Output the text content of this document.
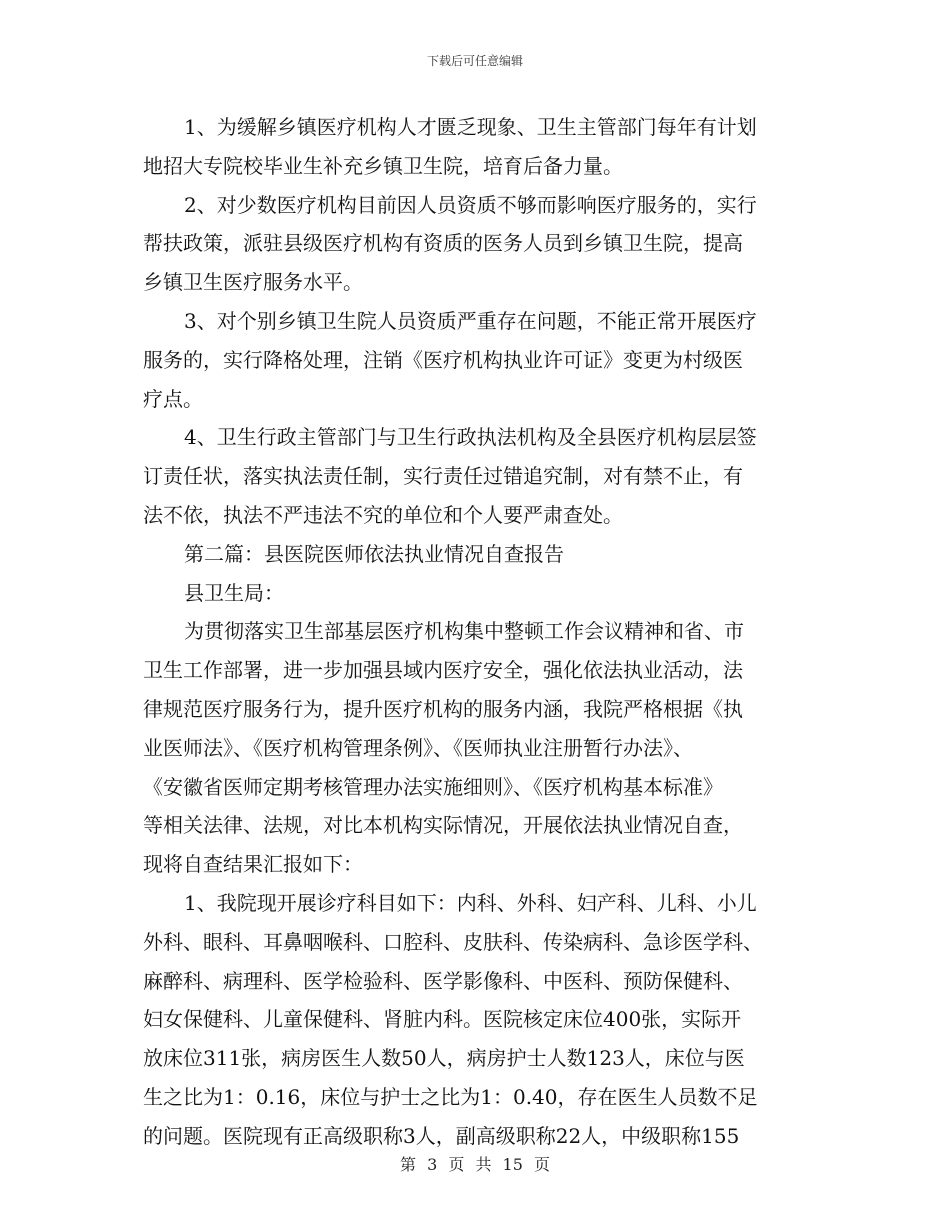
下载后可任意编辑
1、为缓解乡镇医疗机构人才匮乏现象、卫生主管部门每年有计划
地招大专院校毕业生补充乡镇卫生院，培育后备力量。
2、对少数医疗机构目前因人员资质不够而影响医疗服务的，实行
帮扶政策，派驻县级医疗机构有资质的医务人员到乡镇卫生院，提高
乡镇卫生医疗服务水平。
3、对个别乡镇卫生院人员资质严重存在问题，不能正常开展医疗
服务的，实行降格处理，注销《医疗机构执业许可证》变更为村级医
疗点。
4、卫生行政主管部门与卫生行政执法机构及全县医疗机构层层签
订责任状，落实执法责任制，实行责任过错追究制，对有禁不止，有
法不依，执法不严违法不究的单位和个人要严肃查处。
第二篇：县医院医师依法执业情况自查报告
县卫生局：
为贯彻落实卫生部基层医疗机构集中整顿工作会议精神和省、市
卫生工作部署，进一步加强县域内医疗安全，强化依法执业活动，法
律规范医疗服务行为，提升医疗机构的服务内涵，我院严格根据《执
业医师法》、《医疗机构管理条例》、《医师执业注册暂行办法》、
《安徽省医师定期考核管理办法实施细则》、《医疗机构基本标准》
等相关法律、法规，对比本机构实际情况，开展依法执业情况自查，
现将自查结果汇报如下：
1、我院现开展诊疗科目如下：内科、外科、妇产科、儿科、小儿
外科、眼科、耳鼻咽喉科、口腔科、皮肤科、传染病科、急诊医学科、
麻醉科、病理科、医学检验科、医学影像科、中医科、预防保健科、
妇女保健科、儿童保健科、肾脏内科。医院核定床位400张，实际开
放床位311张，病房医生人数50人，病房护士人数123人，床位与医
生之比为1：0.16，床位与护士之比为1：0.40，存在医生人员数不足
的问题。医院现有正高级职称3人，副高级职称22人，中级职称155
第 3 页 共 15 页
